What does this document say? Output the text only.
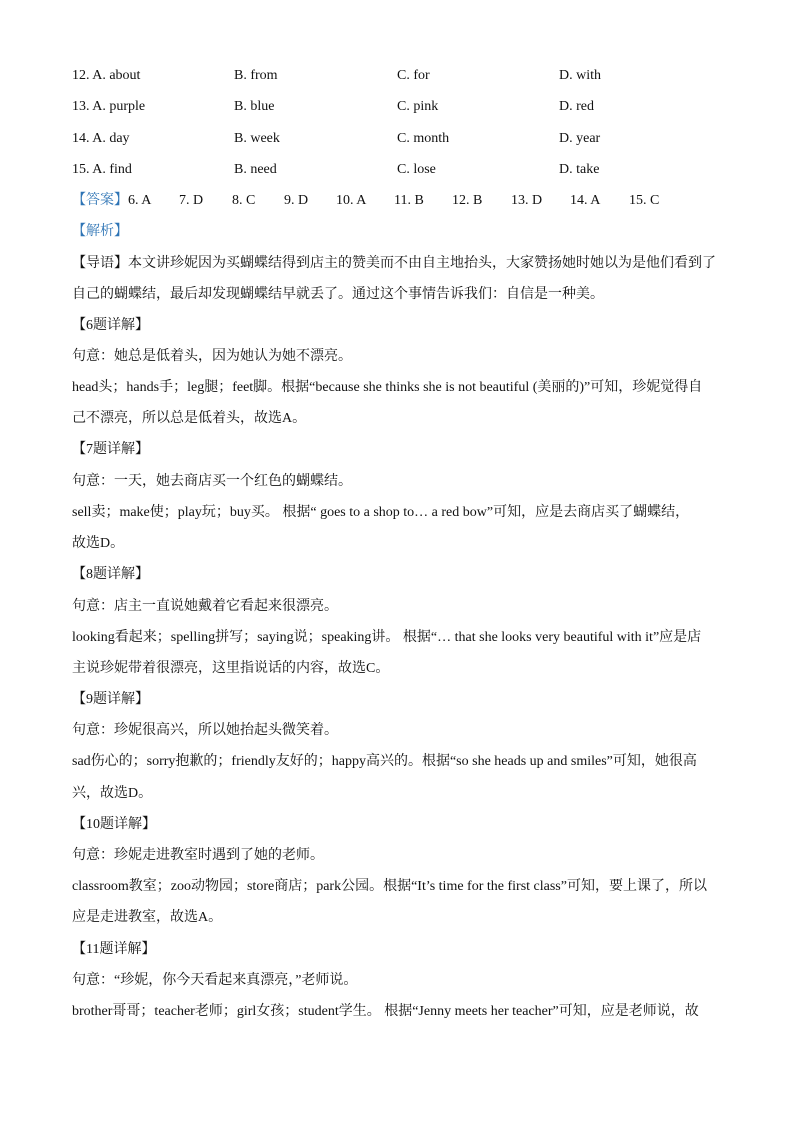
12. A. about	B. from	C. for	D. with
13. A. purple	B. blue	C. pink	D. red
14. A. day	B. week	C. month	D. year
15. A. find	B. need	C. lose	D. take
【答案】 6. A 7. D 8. C 9. D 10. A 11. B 12. B 13. D 14. A 15. C
【解析】
【导语】本文讲珍妮因为买蝴蝶结得到店主的赞美而不由自主地抬头，大家赞扬她时她以为是他们看到了
自己的蝴蝶结，最后却发现蝴蝶结早就丢了。通过这个事情告诉我们：自信是一种美。
【6题详解】
句意：她总是低着头，因为她认为她不漂亮。
head头；hands手；leg腿；feet脚。根据“because she thinks she is not beautiful (美丽的)”可知，珍妮觉得自
己不漂亮，所以总是低着头，故选A。
【7题详解】
句意：一天，她去商店买一个红色的蝴蝶结。
sell卖；make使；play玩；buy买。 根据“ goes to a shop to… a red bow”可知，应是去商店买了蝴蝶结，
故选D。
【8题详解】
句意：店主一直说她戴着它看起来很漂亮。
looking看起来；spelling拼写；saying说；speaking讲。 根据“… that she looks very beautiful with it”应是店
主说珍妮带着很漂亮，这里指说话的内容，故选C。
【9题详解】
句意：珍妮很高兴，所以她抬起头微笑着。
sad伤心的；sorry抱歉的；friendly友好的；happy高兴的。根据“so she heads up and smiles”可知，她很高
兴，故选D。
【10题详解】
句意：珍妮走进教室时遇到了她的老师。
classroom教室；zoo动物园；store商店；park公园。根据“It’s time for the first class”可知，要上课了，所以
应是走进教室，故选A。
【11题详解】
句意：“珍妮，你今天看起来真漂亮，”老师说。
brother哥哥；teacher老师；girl女孩；student学生。 根据“Jenny meets her teacher”可知，应是老师说，故
